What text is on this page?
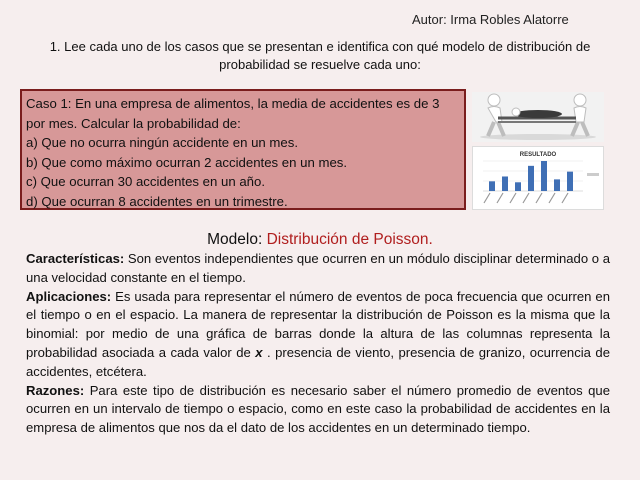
Autor: Irma Robles Alatorre
1. Lee cada uno de los casos que se presentan e identifica con qué modelo de distribución de probabilidad se resuelve cada uno:
Caso 1: En una empresa de alimentos, la media de accidentes es de 3 por mes. Calcular la probabilidad de:
a) Que no ocurra ningún accidente en un mes.
b) Que como máximo ocurran 2 accidentes en un mes.
c) Que ocurran 30 accidentes en un año.
d) Que ocurran 8 accidentes en un trimestre.
RESULTADO
Modelo: Distribución de Poisson.

Características: Son eventos independientes que ocurren en un módulo disciplinar determinado o a una velocidad constante en el tiempo.

Aplicaciones: Es usada para representar el número de eventos de poca frecuencia que ocurren en el tiempo o en el espacio. La manera de representar la distribución de Poisson es la misma que la binomial: por medio de una gráfica de barras donde la altura de las columnas representa la probabilidad asociada a cada valor de x . presencia de viento, presencia de granizo, ocurrencia de accidentes, etcétera.

Razones: Para este tipo de distribución es necesario saber el número promedio de eventos que ocurren en un intervalo de tiempo o espacio, como en este caso la probabilidad de accidentes en la empresa de alimentos que nos da el dato de los accidentes en un determinado tiempo.
